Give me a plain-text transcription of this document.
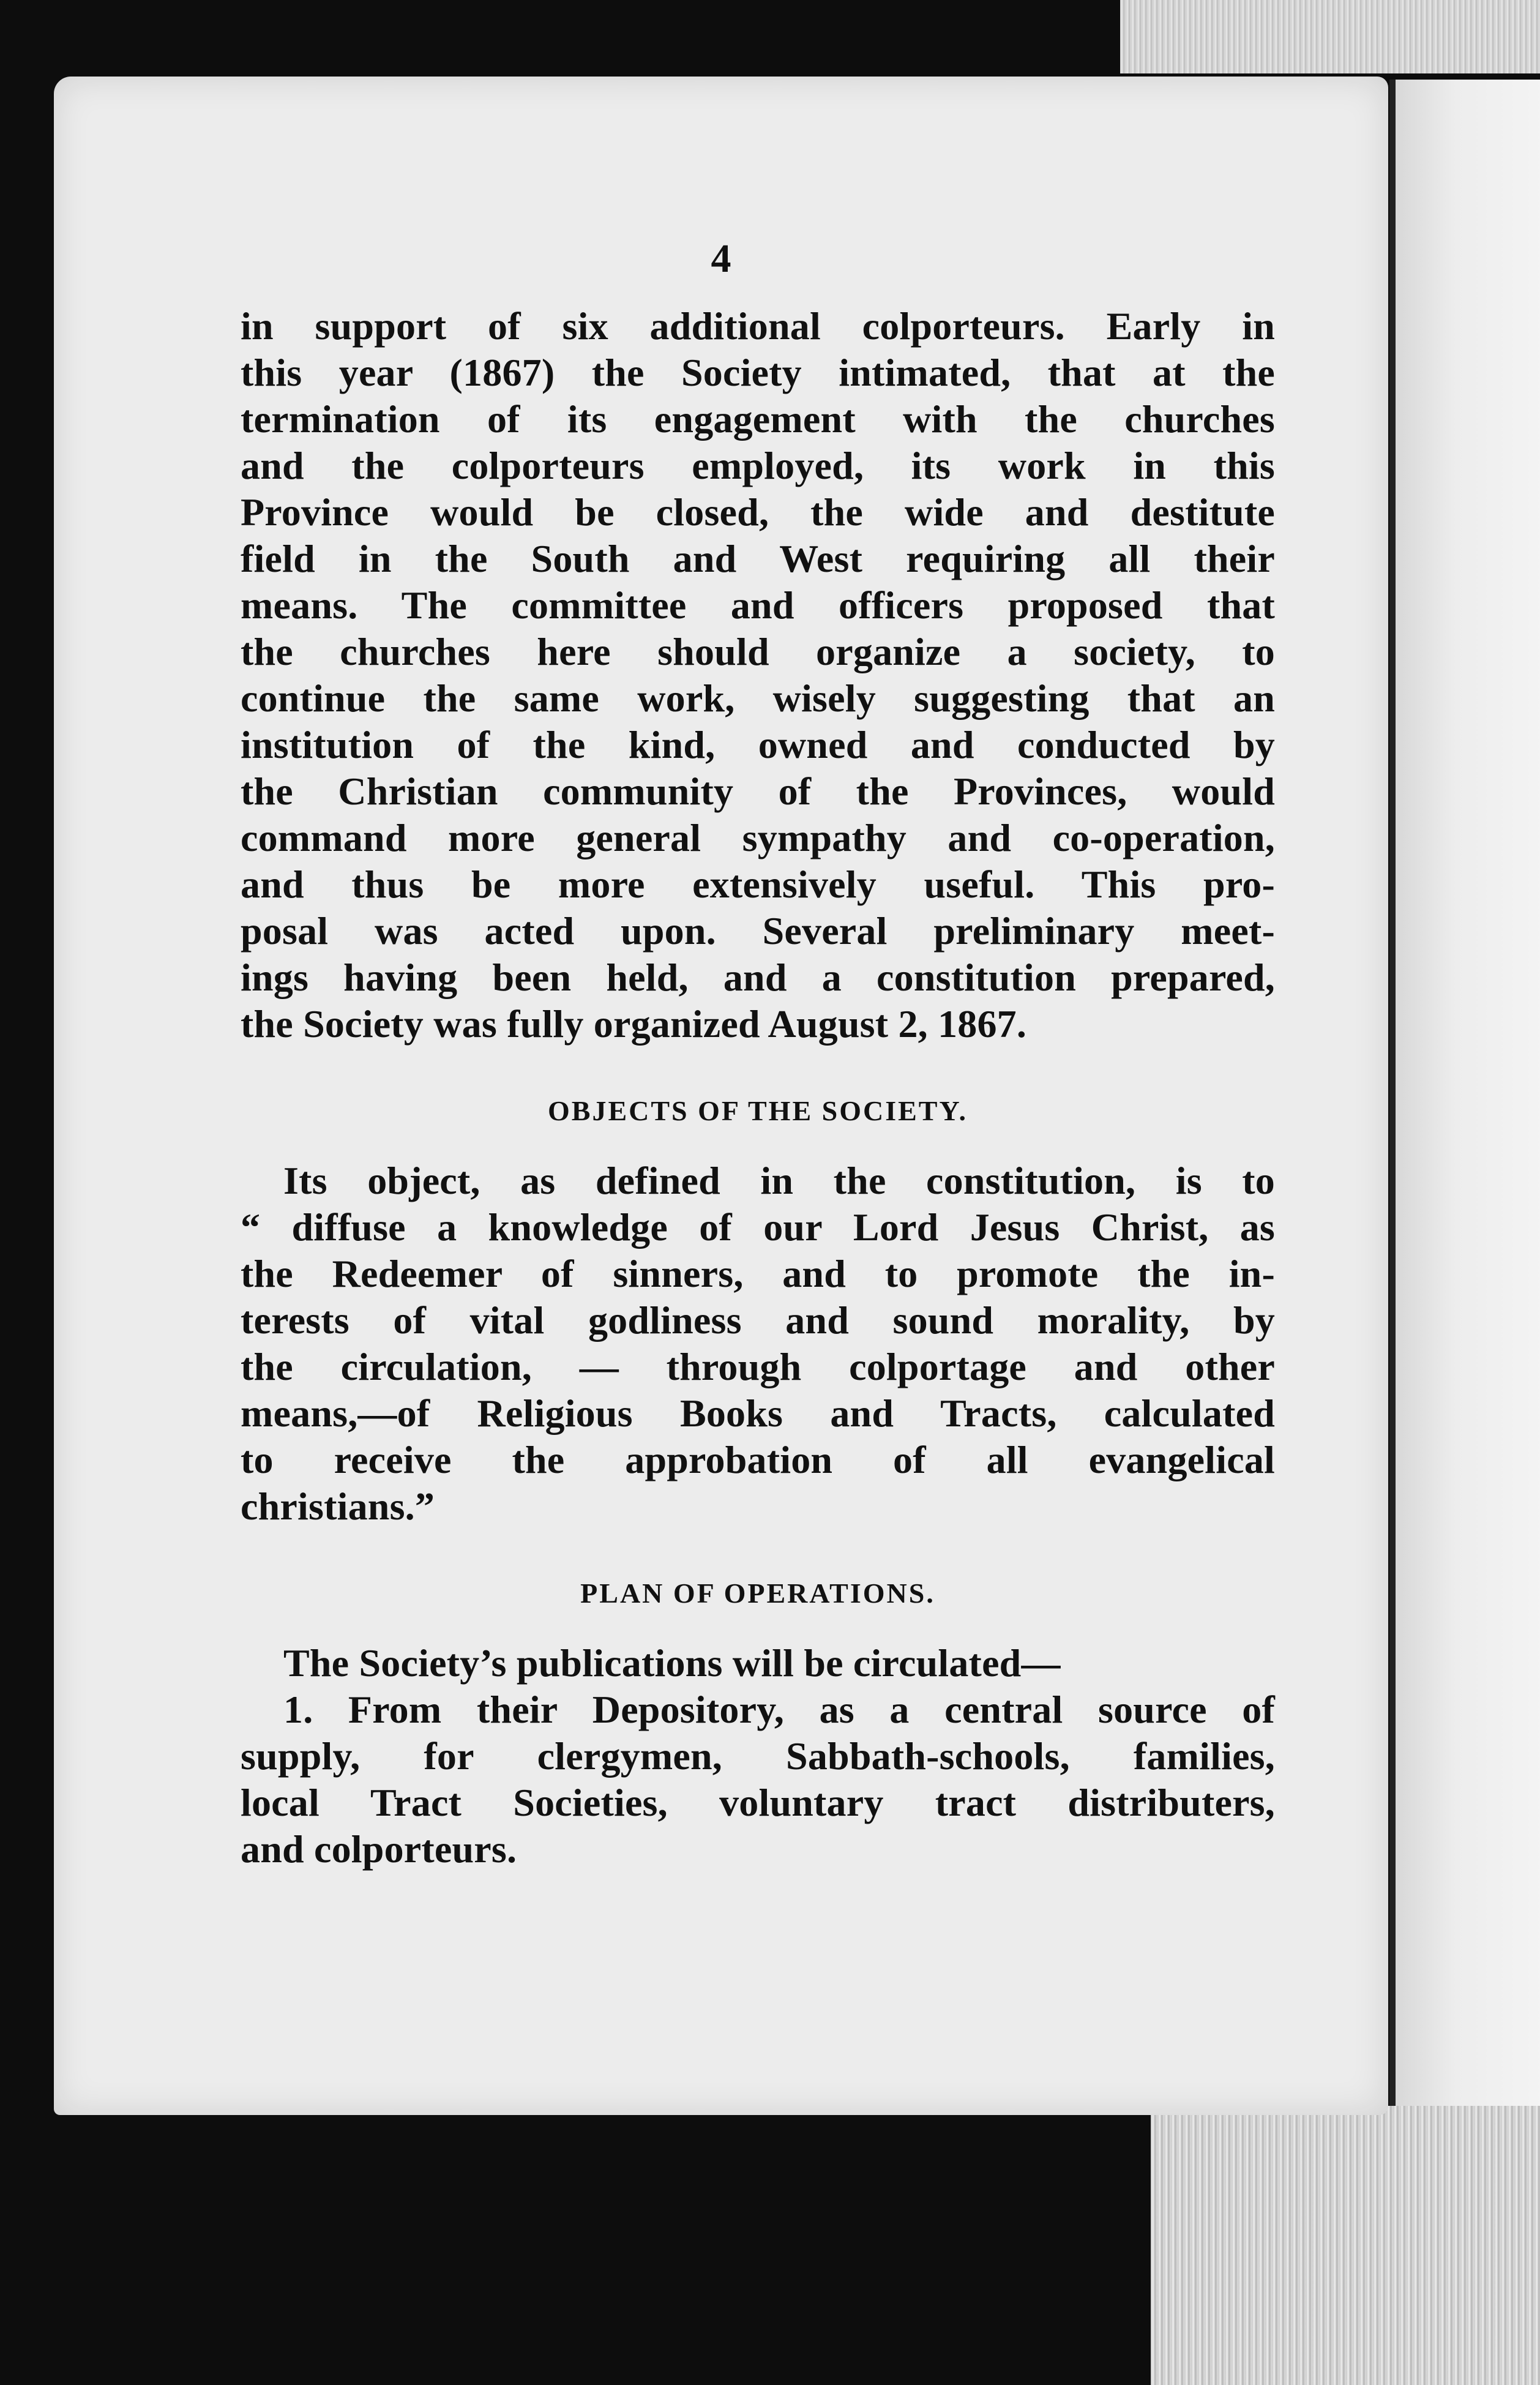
4
in support of six additional colporteurs. Early in
this year (1867) the Society intimated, that at the
termination of its engagement with the churches
and the colporteurs employed, its work in this
Province would be closed, the wide and destitute
field in the South and West requiring all their
means. The committee and officers proposed that
the churches here should organize a society, to
continue the same work, wisely suggesting that an
institution of the kind, owned and conducted by
the Christian community of the Provinces, would
command more general sympathy and co-operation,
and thus be more extensively useful. This pro-
posal was acted upon. Several preliminary meet-
ings having been held, and a constitution prepared,
the Society was fully organized August 2, 1867.
OBJECTS OF THE SOCIETY.
Its object, as defined in the constitution, is to
“ diffuse a knowledge of our Lord Jesus Christ, as
the Redeemer of sinners, and to promote the in-
terests of vital godliness and sound morality, by
the circulation, — through colportage and other
means,—of Religious Books and Tracts, calculated
to receive the approbation of all evangelical
christians.”
PLAN OF OPERATIONS.
The Society’s publications will be circulated—
1. From their Depository, as a central source of
supply, for clergymen, Sabbath-schools, families,
local Tract Societies, voluntary tract distributers,
and colporteurs.
